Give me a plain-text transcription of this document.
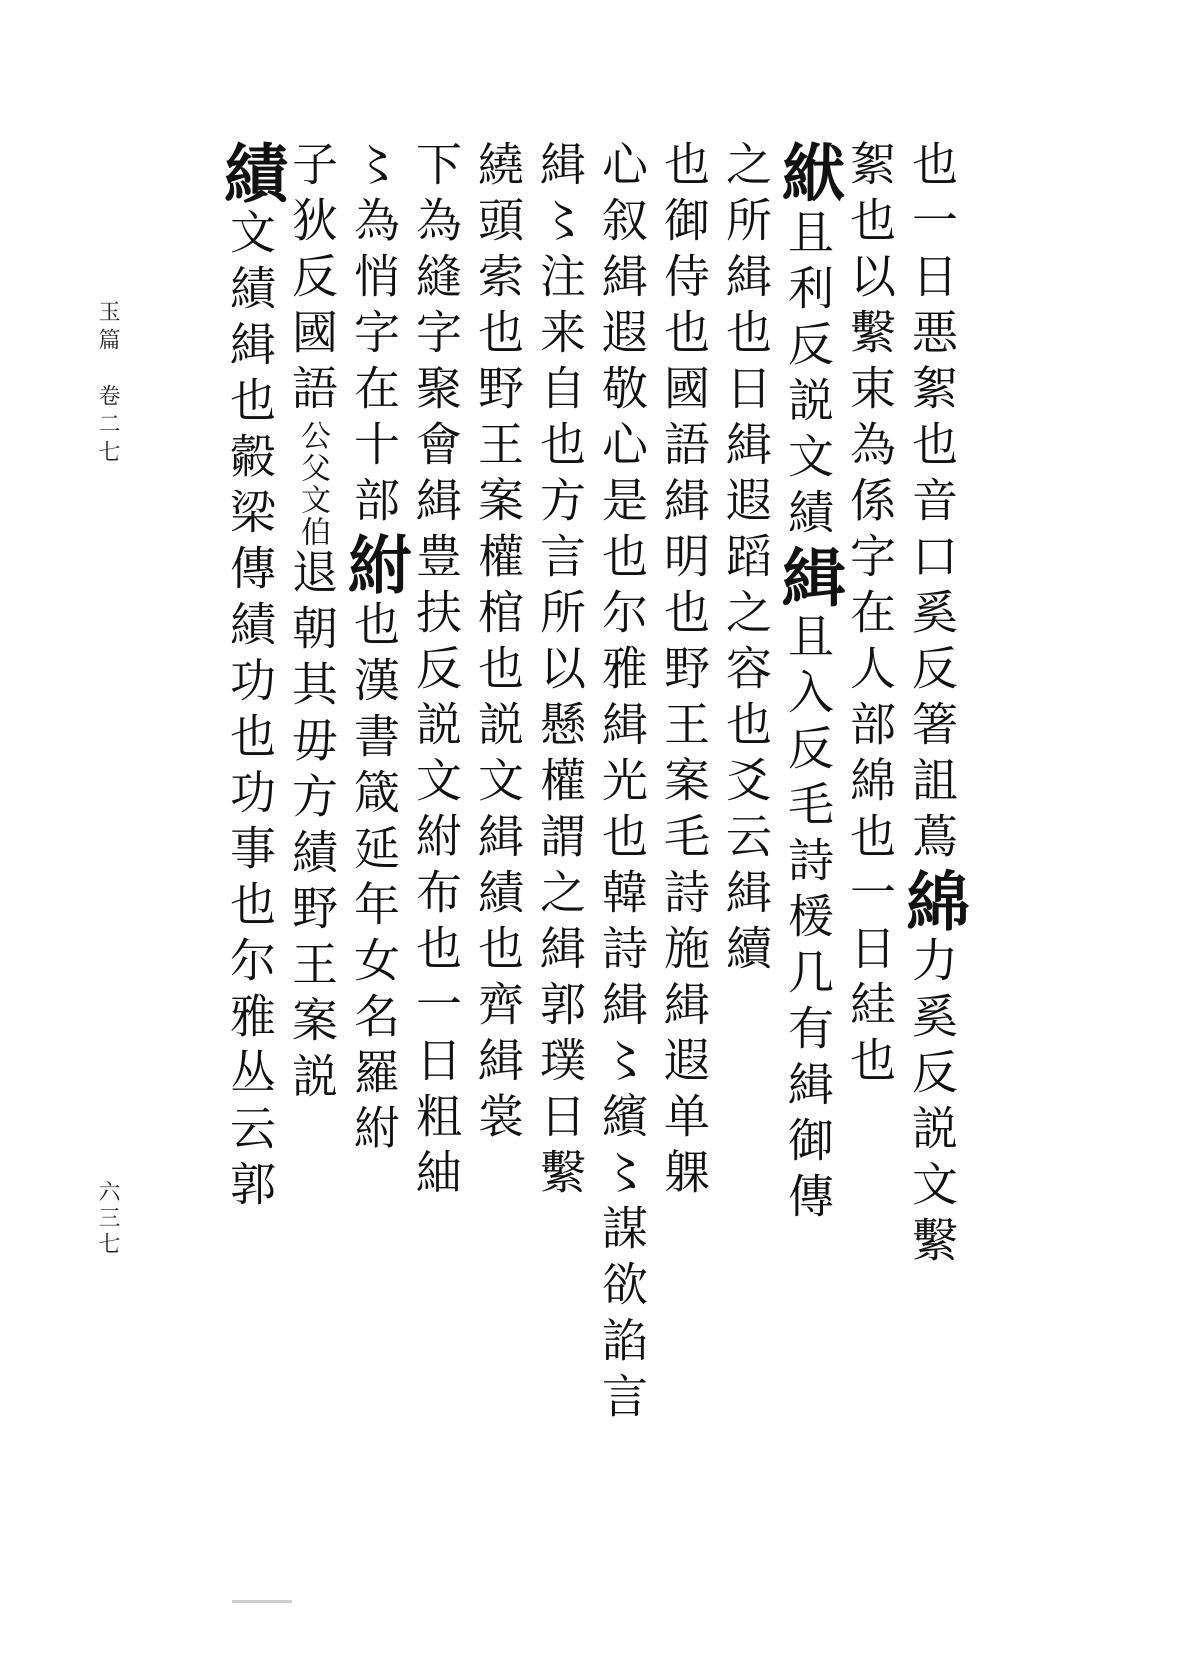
玉篇　卷二七
六三七
也一日悪絮也音口奚反箸詛蔦綿力奚反説文繫
絮也以繫束為係字在人部綿也一日絓也
絥且利反説文績緝且入反毛詩楥几有緝御傳
之所緝也日緝遐蹈之容也爻云緝續
也御侍也國語緝明也野王案毛詩施緝遐单躶
心叙緝遐敬心是也尔雅緝光也韓詩緝〻繽〻謀欲諂言
緝〻注来自也方言所以懸權謂之緝郭璞日繫
繞頭索也野王案權棺也説文緝績也齊緝裳
下為縫字聚會緝豊扶反説文紨布也一日粗紬
〻為悄字在十部紨也漢書箴延年女名羅紨
子狄反國語公父文伯退朝其毋方績野王案説
績文績緝也㲉梁傳績功也功事也尔雅丛云郭
